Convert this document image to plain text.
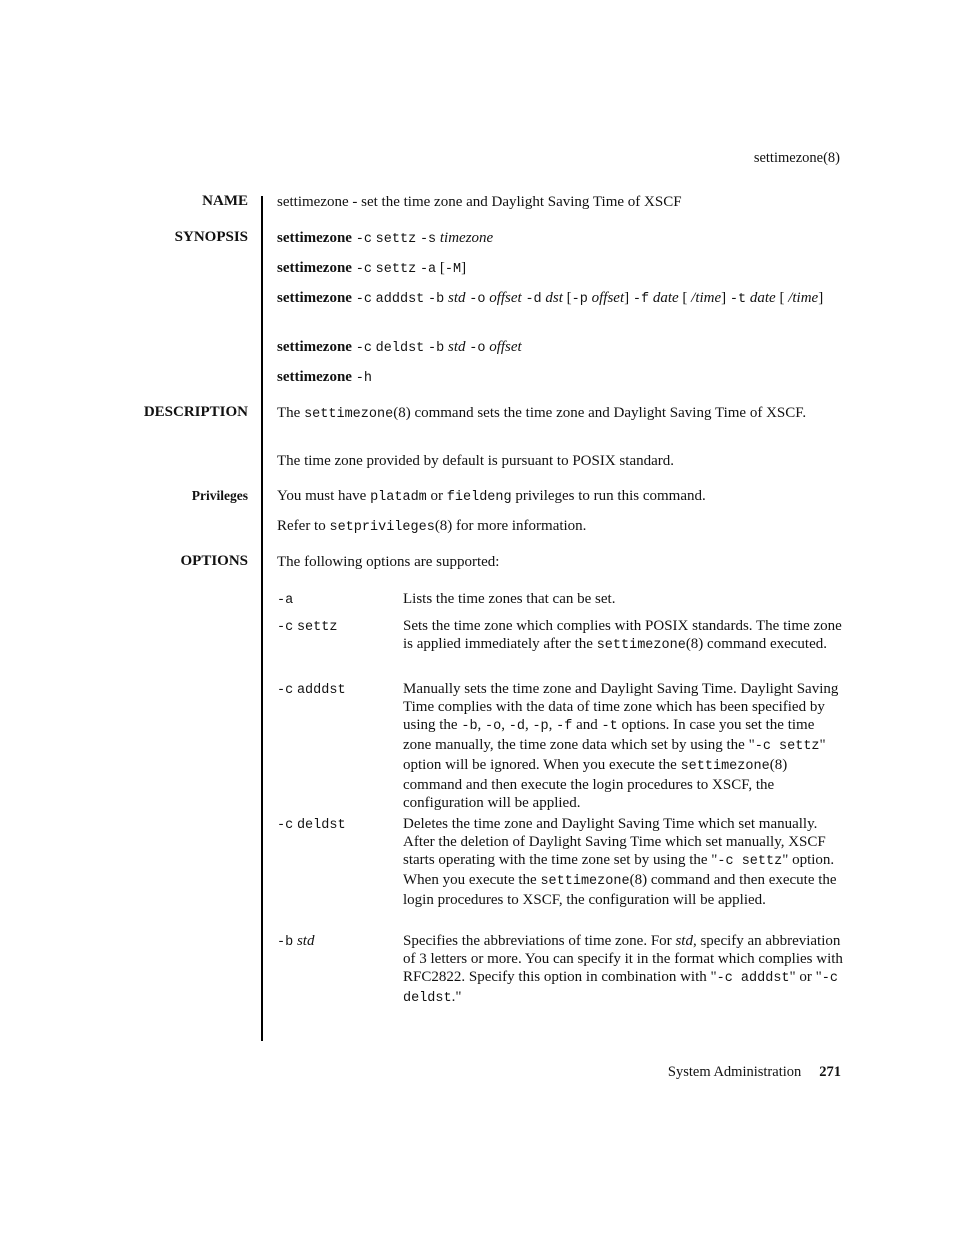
settimezone(8)
NAME settimezone - set the time zone and Daylight Saving Time of XSCF
SYNOPSIS settimezone -c settz -s timezone
settimezone -c settz -a [-M]
settimezone -c adddst -b std -o offset -d dst [-p offset] -f date [ /time] -t date [ /time]
settimezone -c deldst -b std -o offset
settimezone -h
DESCRIPTION The settimezone(8) command sets the time zone and Daylight Saving Time of XSCF.
The time zone provided by default is pursuant to POSIX standard.
Privileges You must have platadm or fieldeng privileges to run this command.
Refer to setprivileges(8) for more information.
OPTIONS The following options are supported:
-a	Lists the time zones that can be set.
-c settz	Sets the time zone which complies with POSIX standards. The time zone is applied immediately after the settimezone(8) command executed.
-c adddst	Manually sets the time zone and Daylight Saving Time. Daylight Saving Time complies with the data of time zone which has been specified by using the -b, -o, -d, -p, -f and -t options. In case you set the time zone manually, the time zone data which set by using the "-c settz" option will be ignored. When you execute the settimezone(8) command and then execute the login procedures to XSCF, the configuration will be applied.
-c deldst	Deletes the time zone and Daylight Saving Time which set manually. After the deletion of Daylight Saving Time which set manually, XSCF starts operating with the time zone set by using the "-c settz" option. When you execute the settimezone(8) command and then execute the login procedures to XSCF, the configuration will be applied.
-b std	Specifies the abbreviations of time zone. For std, specify an abbreviation of 3 letters or more. You can specify it in the format which complies with RFC2822. Specify this option in combination with "-c adddst" or "-c deldst."
System Administration 271
